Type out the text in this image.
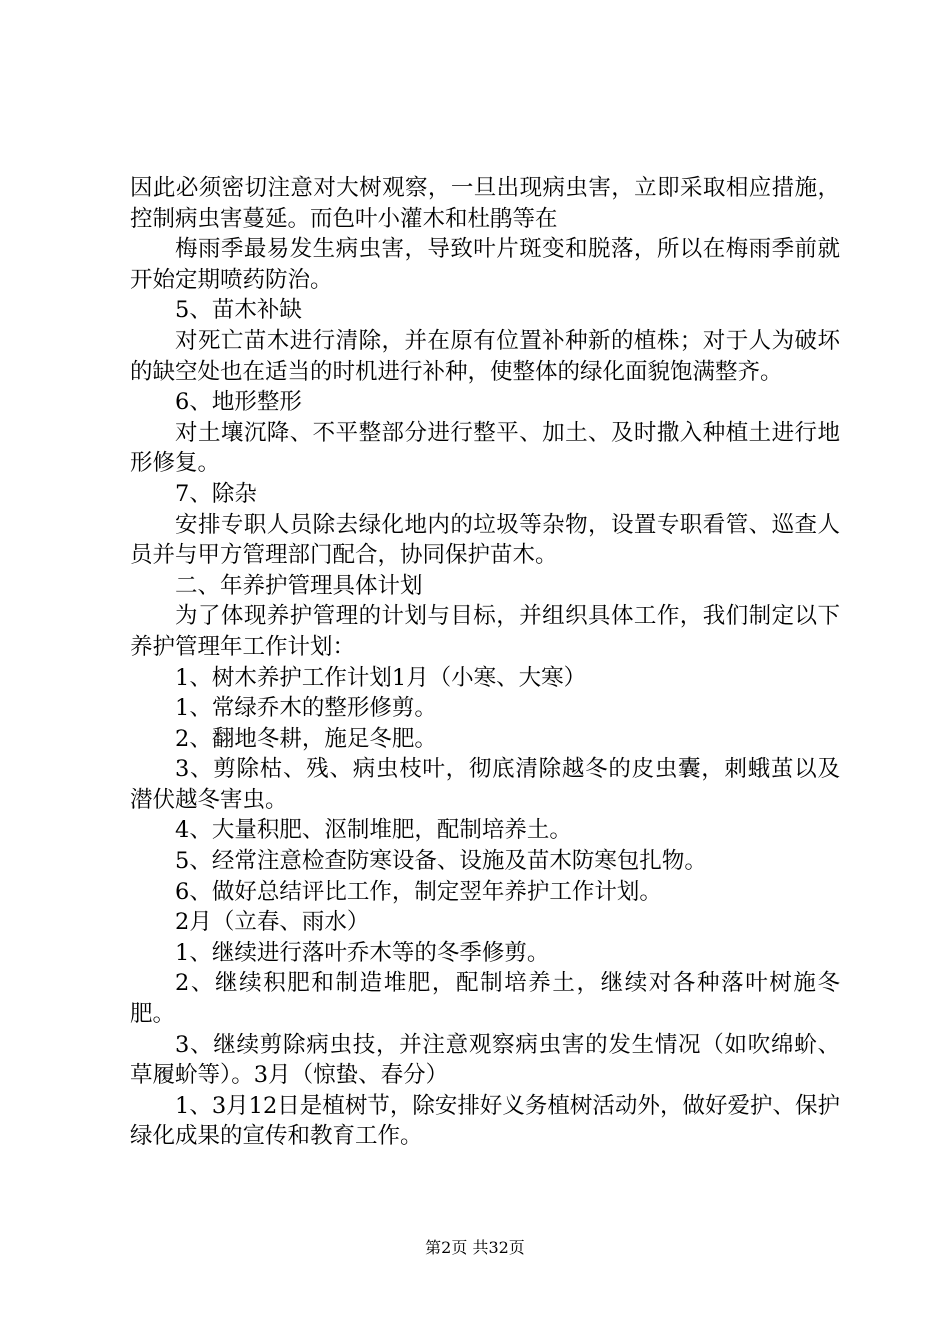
因此必须密切注意对大树观察，一旦出现病虫害，立即采取相应措施，控制病虫害蔓延。而色叶小灌木和杜鹃等在

梅雨季最易发生病虫害，导致叶片斑变和脱落，所以在梅雨季前就开始定期喷药防治。

5、苗木补缺

对死亡苗木进行清除，并在原有位置补种新的植株；对于人为破坏的缺空处也在适当的时机进行补种，使整体的绿化面貌饱满整齐。

6、地形整形

对土壤沉降、不平整部分进行整平、加土、及时撒入种植土进行地形修复。

7、除杂

安排专职人员除去绿化地内的垃圾等杂物，设置专职看管、巡查人员并与甲方管理部门配合，协同保护苗木。

二、年养护管理具体计划

为了体现养护管理的计划与目标，并组织具体工作，我们制定以下养护管理年工作计划：

1、树木养护工作计划1月（小寒、大寒）

1、常绿乔木的整形修剪。

2、翻地冬耕，施足冬肥。

3、剪除枯、残、病虫枝叶，彻底清除越冬的皮虫囊，刺蛾茧以及潜伏越冬害虫。

4、大量积肥、沤制堆肥，配制培养土。

5、经常注意检查防寒设备、设施及苗木防寒包扎物。

6、做好总结评比工作，制定翌年养护工作计划。

2月（立春、雨水）

1、继续进行落叶乔木等的冬季修剪。

2、继续积肥和制造堆肥，配制培养土，继续对各种落叶树施冬肥。

3、继续剪除病虫技，并注意观察病虫害的发生情况（如吹绵蚧、草履蚧等）。3月（惊蛰、春分）

1、3月12日是植树节，除安排好义务植树活动外，做好爱护、保护绿化成果的宣传和教育工作。

第2页 共32页
